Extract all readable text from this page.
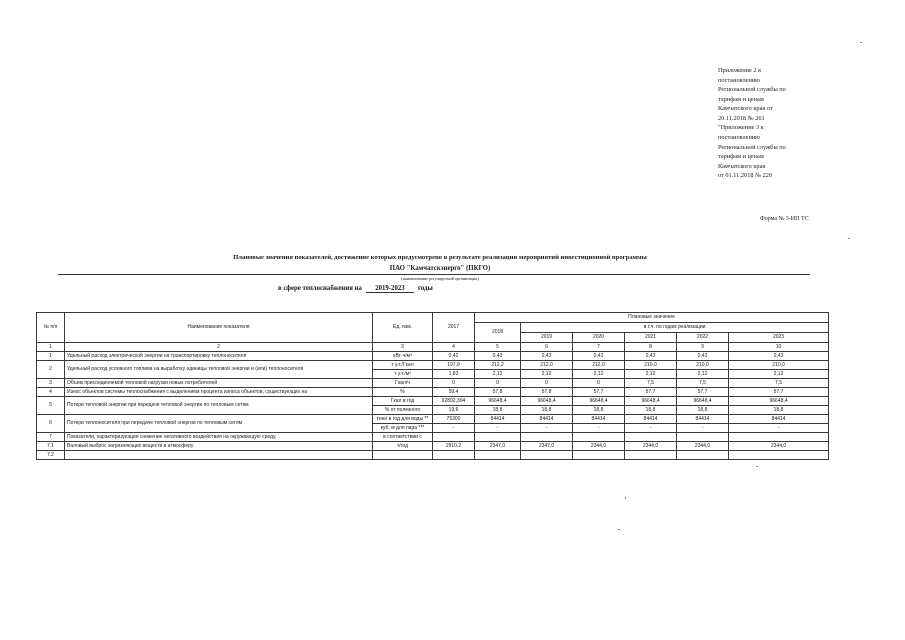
Приложение 2 к
постановлению
Региональной службы по
тарифам и ценам
Камчатского края от
20.11.2018 № 261
"Приложение 3 к
постановлению
Региональной службы по
тарифам и ценам
Камчатского края
от 01.11.2018 № 220
Форма № 3-ИП ТС
Плановые значения показателей, достижение которых предусмотрено в результате реализации мероприятий инвестиционной программы
ПАО "Камчатскэнерго" (ПКГО)
(наименование регулируемой организации)
в сфере теплоснабжения на 2019-2023 годы
№ п/п	Наименование показателя	Ед. изм.	2017	Плановые значение					
				2018	в т.ч. по годам реализации				
					2019	2020	2021	2022	2023
1	2	3	4	5	6	7	8	9	10
1	Удельный расход электрической энергии на транспортировку теплоносителя	кВт·ч/м³	0,42	0,43	0,43	0,43	0,43	0,43	0,43
2	Удельный расход условного топлива на выработку единицы тепловой энергии и (или) теплоносителя	т у.т./Гкал	197,9	212,2	212,0	212,0	210,0	210,0	210,0
		т у.т./м³	1,83	2,12	2,12	2,12	2,12	2,12	2,12
3	Объем присоединяемой тепловой нагрузки новых потребителей	Гкал/ч	0	0	0	0	7,5	7,5	7,5
4	Износ объектов системы теплоснабжения с выделением процента износа объектов, существующих на	%	59,4	57,8	57,8	57,7	57,7	57,7	57,7
5	Потери тепловой энергии при передаче тепловой энергии по тепловым сетям	Гкал в год	92892,304	96648,4	96648,4	96648,4	96648,4	96648,4	96648,4
		% от полезного	19,6	18,8	18,8	18,8	18,8	18,8	18,8
6	Потери теплоносителя при передаче тепловой энергии по тепловым сетям	тонн в год для воды **	75300	84414	84414	84414	84414	84414	84414
		куб. м для пара ***	-	-	-	-	-	-	-
7	Показатели, характеризующие снижение негативного воздействия на окружающую среду,	в соответствии с							
7.1	Валовый выброс загрязняющих веществ в атмосферу	т/год	2910,2	2347,0	2347,0	2344,0	2344,0	2344,0	2344,0
7.2									
